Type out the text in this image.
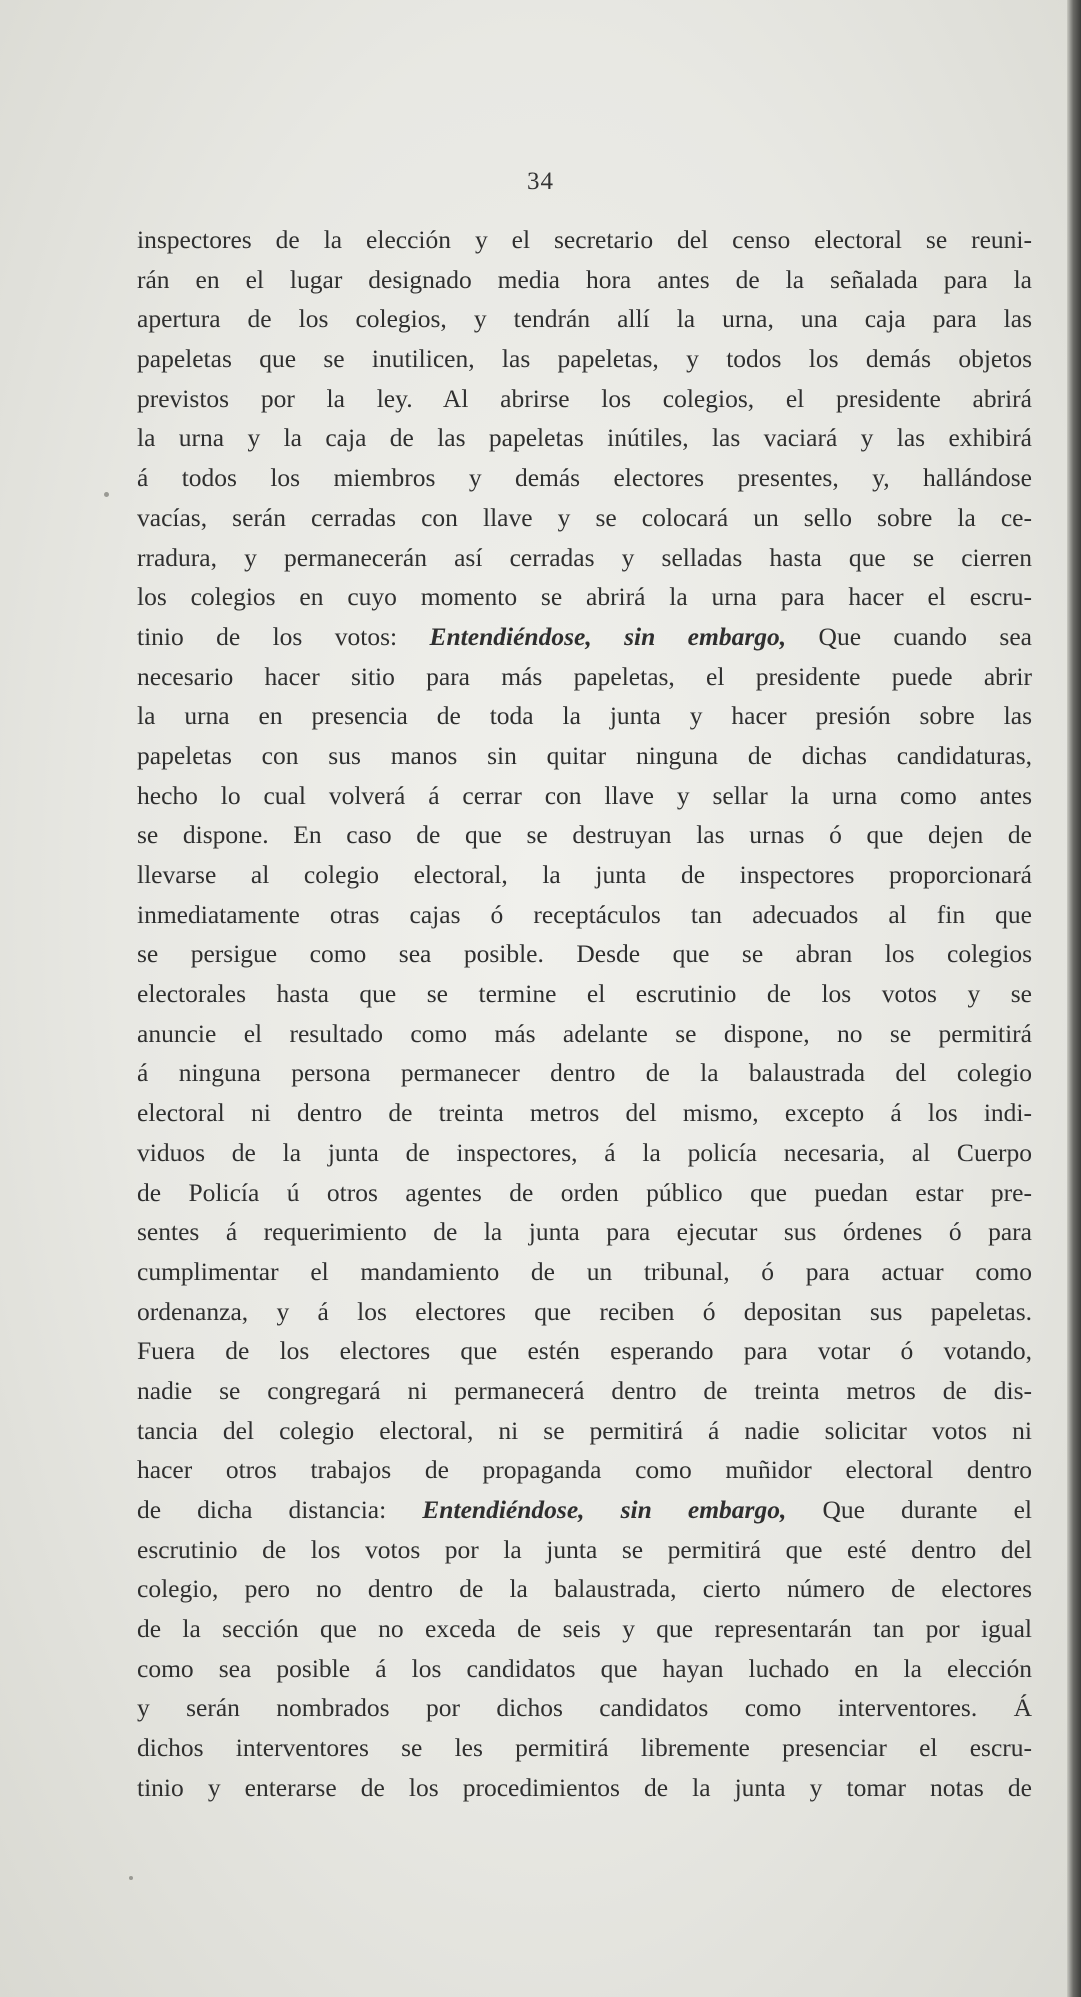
34
inspectores de la elección y el secretario del censo electoral se reuni-
rán en el lugar designado media hora antes de la señalada para la
apertura de los colegios, y tendrán allí la urna, una caja para las
papeletas que se inutilicen, las papeletas, y todos los demás objetos
previstos por la ley. Al abrirse los colegios, el presidente abrirá
la urna y la caja de las papeletas inútiles, las vaciará y las exhibirá
á todos los miembros y demás electores presentes, y, hallándose
vacías, serán cerradas con llave y se colocará un sello sobre la ce-
rradura, y permanecerán así cerradas y selladas hasta que se cierren
los colegios en cuyo momento se abrirá la urna para hacer el escru-
tinio de los votos: Entendiéndose, sin embargo, Que cuando sea
necesario hacer sitio para más papeletas, el presidente puede abrir
la urna en presencia de toda la junta y hacer presión sobre las
papeletas con sus manos sin quitar ninguna de dichas candidaturas,
hecho lo cual volverá á cerrar con llave y sellar la urna como antes
se dispone. En caso de que se destruyan las urnas ó que dejen de
llevarse al colegio electoral, la junta de inspectores proporcionará
inmediatamente otras cajas ó receptáculos tan adecuados al fin que
se persigue como sea posible. Desde que se abran los colegios
electorales hasta que se termine el escrutinio de los votos y se
anuncie el resultado como más adelante se dispone, no se permitirá
á ninguna persona permanecer dentro de la balaustrada del colegio
electoral ni dentro de treinta metros del mismo, excepto á los indi-
viduos de la junta de inspectores, á la policía necesaria, al Cuerpo
de Policía ú otros agentes de orden público que puedan estar pre-
sentes á requerimiento de la junta para ejecutar sus órdenes ó para
cumplimentar el mandamiento de un tribunal, ó para actuar como
ordenanza, y á los electores que reciben ó depositan sus papeletas.
Fuera de los electores que estén esperando para votar ó votando,
nadie se congregará ni permanecerá dentro de treinta metros de dis-
tancia del colegio electoral, ni se permitirá á nadie solicitar votos ni
hacer otros trabajos de propaganda como muñidor electoral dentro
de dicha distancia: Entendiéndose, sin embargo, Que durante el
escrutinio de los votos por la junta se permitirá que esté dentro del
colegio, pero no dentro de la balaustrada, cierto número de electores
de la sección que no exceda de seis y que representarán tan por igual
como sea posible á los candidatos que hayan luchado en la elección
y serán nombrados por dichos candidatos como interventores. Á
dichos interventores se les permitirá libremente presenciar el escru-
tinio y enterarse de los procedimientos de la junta y tomar notas de
